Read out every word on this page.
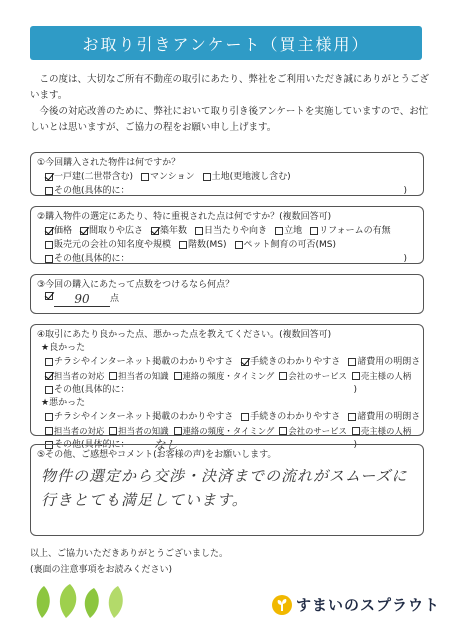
お取り引きアンケート（買主様用）

この度は、大切なご所有不動産の取引にあたり、弊社をご利用いただき誠にありがとうございます。

今後の対応改善のために、弊社において取り引き後アンケートを実施していますので、お忙しいとは思いますが、ご協力の程をお願い申し上げます。

①今回購入された物件は何ですか？
一戸建(二世帯含む) マンション 土地(更地渡し含む)
その他(具体的に：	)
②購入物件の選定にあたり、特に重視された点は何ですか？(複数回答可)
価格 間取りや広さ 築年数 日当たりや向き 立地 リフォームの有無
販売元の会社の知名度や規模 階数(MS) ペット飼育の可否(MS)
その他(具体的に：	)
③今回の購入にあたって点数をつけるなら何点？
90	点
④取引にあたり良かった点、悪かった点を教えてください。(複数回答可)
★良かった
チラシやインターネット掲載のわかりやすさ 手続きのわかりやすさ 諸費用の明朗さ
担当者の対応 担当者の知識 連絡の頻度・タイミング 会社のサービス 売主様の人柄
その他(具体的に：	)
★悪かった
チラシやインターネット掲載のわかりやすさ 手続きのわかりやすさ 諸費用の明朗さ
担当者の対応 担当者の知識 連絡の頻度・タイミング 会社のサービス 売主様の人柄
その他(具体的に： なし	)
⑤その他、ご感想やコメント(お客様の声)をお願いします。
物件の選定から交渉・決済までの流れがスムーズに
行きとても満足しています。
以上、ご協力いただきありがとうございました。
(裏面の注意事項をお読みください)
すまいのスプラウト
